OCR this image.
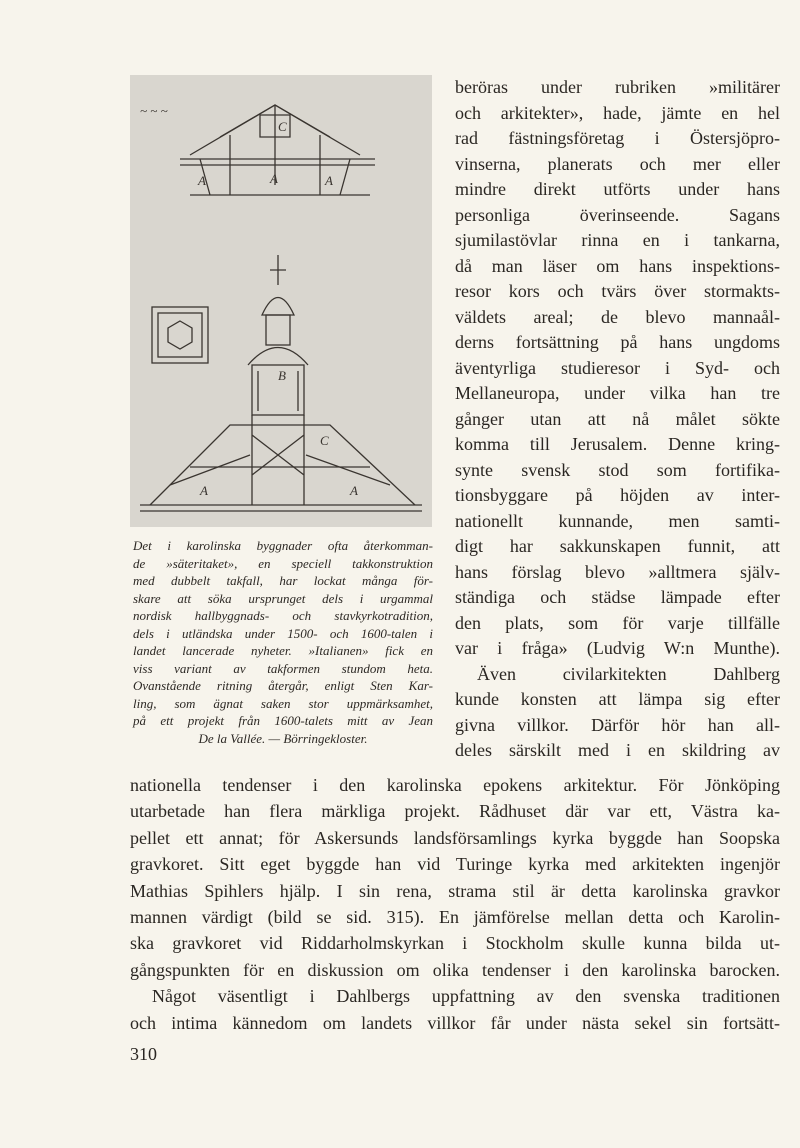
~ ~ ~
A	A	A
C
B
C
A	A
Det i karolinska byggnader ofta återkomman-
de »säteritaket», en speciell takkonstruktion
med dubbelt takfall, har lockat många för-
skare att söka ursprunget dels i urgammal
nordisk hallbyggnads- och stavkyrkotradition,
dels i utländska under 1500- och 1600-talen i
landet lancerade nyheter. »Italianen» fick en
viss variant av takformen stundom heta.
Ovanstående ritning återgår, enligt Sten Kar-
ling, som ägnat saken stor uppmärksamhet,
på ett projekt från 1600-talets mitt av Jean
De la Vallée. — Börringekloster.
beröras under rubriken »militärer
och arkitekter», hade, jämte en hel
rad fästningsföretag i Östersjöpro-
vinserna, planerats och mer eller
mindre direkt utförts under hans
personliga överinseende. Sagans
sjumilastövlar rinna en i tankarna,
då man läser om hans inspektions-
resor kors och tvärs över stormakts-
väldets areal; de blevo mannaål-
derns fortsättning på hans ungdoms
äventyrliga studieresor i Syd- och
Mellaneuropa, under vilka han tre
gånger utan att nå målet sökte
komma till Jerusalem. Denne kring-
synte svensk stod som fortifika-
tionsbyggare på höjden av inter-
nationellt kunnande, men samti-
digt har sakkunskapen funnit, att
hans förslag blevo »alltmera själv-
ständiga och städse lämpade efter
den plats, som för varje tillfälle
var i fråga» (Ludvig W:n Munthe).
Även civilarkitekten Dahlberg
kunde konsten att lämpa sig efter
givna villkor. Därför hör han all-
deles särskilt med i en skildring av
nationella tendenser i den karolinska epokens arkitektur. För Jönköping
utarbetade han flera märkliga projekt. Rådhuset där var ett, Västra ka-
pellet ett annat; för Askersunds landsförsamlings kyrka byggde han Soopska
gravkoret. Sitt eget byggde han vid Turinge kyrka med arkitekten ingenjör
Mathias Spihlers hjälp. I sin rena, strama stil är detta karolinska gravkor
mannen värdigt (bild se sid. 315). En jämförelse mellan detta och Karolin-
ska gravkoret vid Riddarholmskyrkan i Stockholm skulle kunna bilda ut-
gångspunkten för en diskussion om olika tendenser i den karolinska barocken.
Något väsentligt i Dahlbergs uppfattning av den svenska traditionen
och intima kännedom om landets villkor får under nästa sekel sin fortsätt-
310
